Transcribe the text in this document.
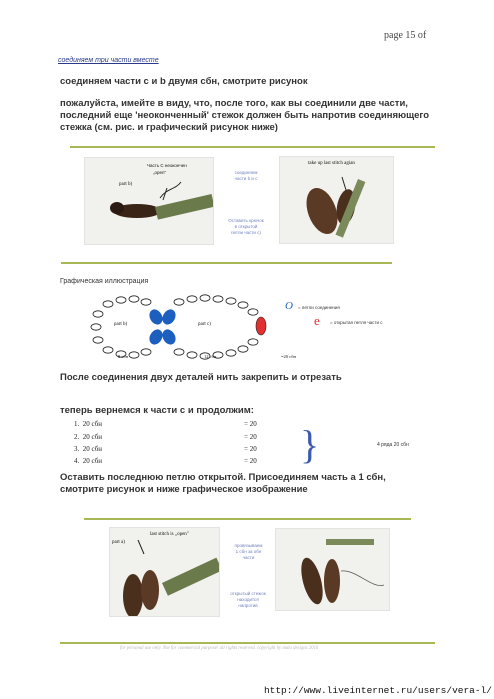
page 15 of
соединяем три части вместе
соединяем части с и b двумя сбн, смотрите рисунок
пожалуйста, имейте в виду, что, после того, как вы соединили две части, последний еще 'неоконченный' стежок должен быть напротив соединяющего стежка (см. рис. и графический рисунок ниже)
part b)
Часть С неокончен
„open"	соединяем
части b и c
Оставить крючок
в открытой
петли части c)
take up last stitch agian
Графическая иллюстрация
part b)	part c)
8 сбн	12 сбн	=20 сбн
O = петли соединения
e = открытая петля части с
После соединения двух деталей нить закрепить и отрезать
теперь вернемся к части с и продолжим:
1. 20 сбн	= 20
2. 20 сбн	= 20
3. 20 сбн	= 20
4. 20 сбн	= 20 }	4 ряда 20 сбн
Оставить последнюю петлю открытой. Присоединяем часть а 1 сбн, смотрите рисунок и ниже графическое изображение
part a)
last stitch is „open"
провязываем
1 сбн за обе
части
открытый стежок
находится
напротив
for personal use only. Not for commercial purpose! all rights reserved. copyright by malo designs 2016
http://www.liveinternet.ru/users/vera-l/
